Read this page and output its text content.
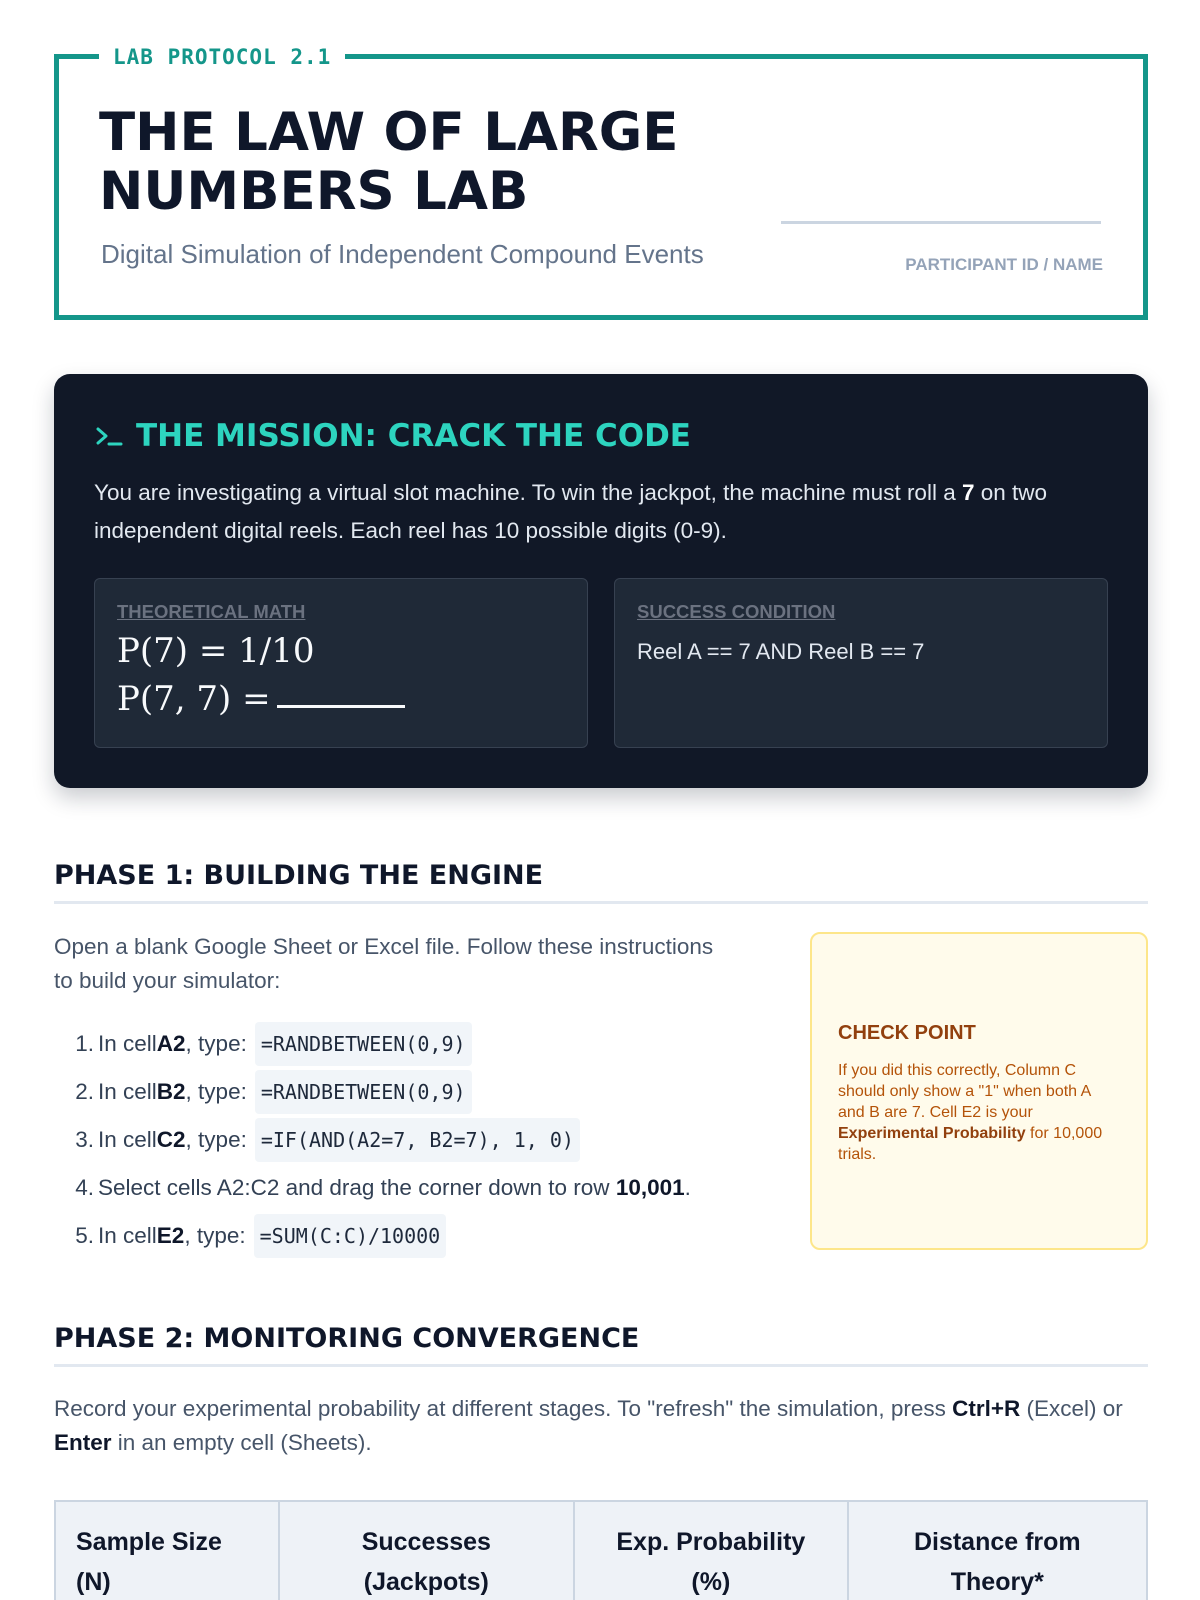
LAB PROTOCOL 2.1
THE LAW OF LARGE NUMBERS LAB
Digital Simulation of Independent Compound Events	PARTICIPANT ID / NAME
THE MISSION: CRACK THE CODE
You are investigating a virtual slot machine. To win the jackpot, the machine must roll a 7 on two independent digital reels. Each reel has 10 possible digits (0-9).
THEORETICAL MATH
P(7) = 1/10
P(7, 7) =
SUCCESS CONDITION
Reel A == 7 AND Reel B == 7
PHASE 1: BUILDING THE ENGINE
Open a blank Google Sheet or Excel file. Follow these instructions to build your simulator:
1. In cell A2 , type: =RANDBETWEEN(0,9)
2. In cell B2 , type: =RANDBETWEEN(0,9)
3. In cell C2 , type: =IF(AND(A2=7, B2=7), 1, 0)
4. Select cells A2:C2 and drag the corner down to row
10,001 .
5. In cell E2 , type: =SUM(C:C)/10000
CHECK POINT
If you did this correctly, Column C should only show a "1" when both A and B are 7. Cell E2 is your Experimental Probability for 10,000 trials.
PHASE 2: MONITORING CONVERGENCE
Record your experimental probability at different stages. To "refresh" the simulation, press Ctrl+R (Excel) or Enter in an empty cell (Sheets).
Sample Size (N)	Successes (Jackpots)	Exp. Probability (%)	Distance from Theory*
